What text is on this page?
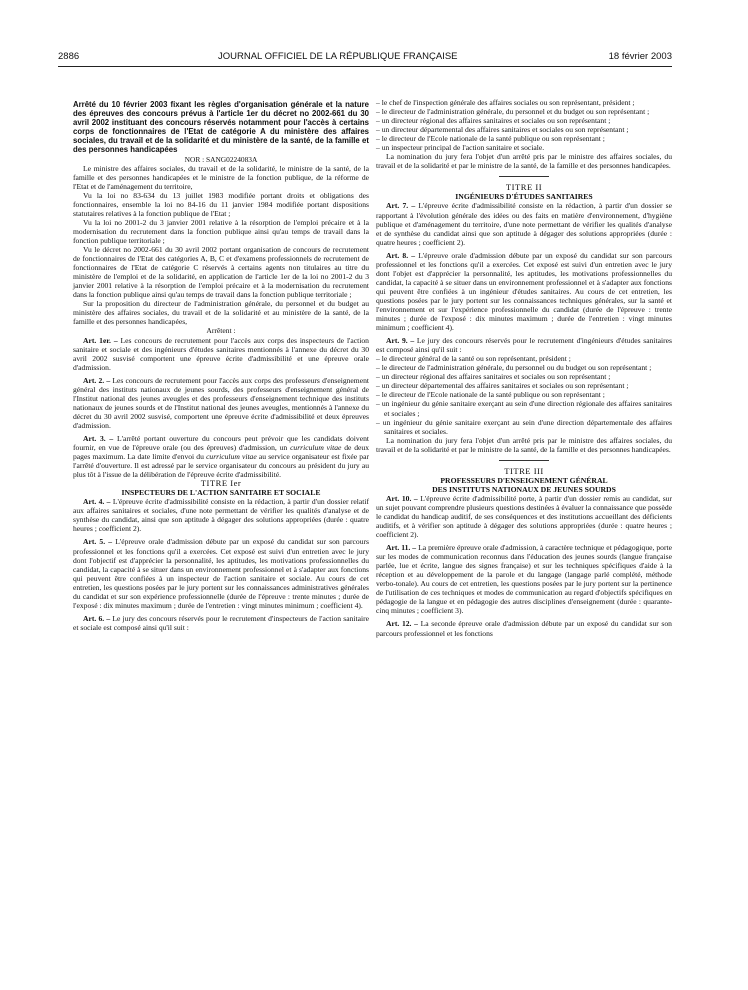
2886	JOURNAL OFFICIEL DE LA RÉPUBLIQUE FRANÇAISE	18 février 2003

Arrêté du 10 février 2003 fixant les règles d'organisation générale et la nature des épreuves des concours prévus à l'article 1er du décret no 2002-661 du 30 avril 2002 instituant des concours réservés notamment pour l'accès à certains corps de fonctionnaires de l'Etat de catégorie A du ministère des affaires sociales, du travail et de la solidarité et du ministère de la santé, de la famille et des personnes handicapées

NOR : SANG0224083A

Le ministre des affaires sociales, du travail et de la solidarité, le ministre de la santé, de la famille et des personnes handicapées et le ministre de la fonction publique, de la réforme de l'Etat et de l'aménagement du territoire,

Vu la loi no 83-634 du 13 juillet 1983 modifiée portant droits et obligations des fonctionnaires, ensemble la loi no 84-16 du 11 janvier 1984 modifiée portant dispositions statutaires relatives à la fonction publique de l'Etat ;

Vu la loi no 2001-2 du 3 janvier 2001 relative à la résorption de l'emploi précaire et à la modernisation du recrutement dans la fonction publique ainsi qu'au temps de travail dans la fonction publique territoriale ;

Vu le décret no 2002-661 du 30 avril 2002 portant organisation de concours de recrutement de fonctionnaires de l'Etat des catégories A, B, C et d'examens professionnels de recrutement de fonctionnaires de l'Etat de catégorie C réservés à certains agents non titulaires au titre du ministère de l'emploi et de la solidarité, en application de l'article 1er de la loi no 2001-2 du 3 janvier 2001 relative à la résorption de l'emploi précaire et à la modernisation du recrutement dans la fonction publique ainsi qu'au temps de travail dans la fonction publique territoriale ;

Sur la proposition du directeur de l'administration générale, du personnel et du budget au ministère des affaires sociales, du travail et de la solidarité et au ministère de la santé, de la famille et des personnes handicapées,

Arrêtent :

Art. 1er. – Les concours de recrutement pour l'accès aux corps des inspecteurs de l'action sanitaire et sociale et des ingénieurs d'études sanitaires mentionnés à l'annexe du décret du 30 avril 2002 susvisé comportent une épreuve écrite d'admissibilité et une épreuve orale d'admission.

Art. 2. – Les concours de recrutement pour l'accès aux corps des professeurs d'enseignement général des instituts nationaux de jeunes sourds, des professeurs d'enseignement général de l'Institut national des jeunes aveugles et des professeurs d'enseignement technique des instituts nationaux de jeunes sourds et de l'Institut national des jeunes aveugles, mentionnés à l'annexe du décret du 30 avril 2002 susvisé, comportent une épreuve écrite d'admissibilité et deux épreuves d'admission.

Art. 3. – L'arrêté portant ouverture du concours peut prévoir que les candidats doivent fournir, en vue de l'épreuve orale (ou des épreuves) d'admission, un curriculum vitae de deux pages maximum. La date limite d'envoi du curriculum vitae au service organisateur est fixée par l'arrêté d'ouverture. Il est adressé par le service organisateur du concours au président du jury au plus tôt à l'issue de la délibération de l'épreuve écrite d'admissibilité.

TITRE Ier

INSPECTEURS DE L'ACTION SANITAIRE ET SOCIALE

Art. 4. – L'épreuve écrite d'admissibilité consiste en la rédaction, à partir d'un dossier relatif aux affaires sanitaires et sociales, d'une note permettant de vérifier les qualités d'analyse et de synthèse du candidat, ainsi que son aptitude à dégager des solutions appropriées (durée : quatre heures ; coefficient 2).

Art. 5. – L'épreuve orale d'admission débute par un exposé du candidat sur son parcours professionnel et les fonctions qu'il a exercées. Cet exposé est suivi d'un entretien avec le jury dont l'objectif est d'apprécier la personnalité, les aptitudes, les motivations professionnelles du candidat, la capacité à se situer dans un environnement professionnel et à s'adapter aux fonctions qui peuvent être confiées à un inspecteur de l'action sanitaire et sociale. Au cours de cet entretien, les questions posées par le jury portent sur les connaissances administratives générales du candidat et sur son expérience professionnelle (durée de l'épreuve : trente minutes ; durée de l'exposé : dix minutes maximum ; durée de l'entretien : vingt minutes minimum ; coefficient 4).

Art. 6. – Le jury des concours réservés pour le recrutement d'inspecteurs de l'action sanitaire et sociale est composé ainsi qu'il suit :

– le chef de l'inspection générale des affaires sociales ou son représentant, président ;
– le directeur de l'administration générale, du personnel et du budget ou son représentant ;
– un directeur régional des affaires sanitaires et sociales ou son représentant ;
– un directeur départemental des affaires sanitaires et sociales ou son représentant ;
– le directeur de l'Ecole nationale de la santé publique ou son représentant ;
– un inspecteur principal de l'action sanitaire et sociale.

La nomination du jury fera l'objet d'un arrêté pris par le ministre des affaires sociales, du travail et de la solidarité et par le ministre de la santé, de la famille et des personnes handicapées.

TITRE II

INGÉNIEURS D'ÉTUDES SANITAIRES

Art. 7. – L'épreuve écrite d'admissibilité consiste en la rédaction, à partir d'un dossier se rapportant à l'évolution générale des idées ou des faits en matière d'environnement, d'hygiène publique et d'aménagement du territoire, d'une note permettant de vérifier les qualités d'analyse et de synthèse du candidat ainsi que son aptitude à dégager des solutions appropriées (durée : quatre heures ; coefficient 2).

Art. 8. – L'épreuve orale d'admission débute par un exposé du candidat sur son parcours professionnel et les fonctions qu'il a exercées. Cet exposé est suivi d'un entretien avec le jury dont l'objet est d'apprécier la personnalité, les aptitudes, les motivations professionnelles du candidat, la capacité à se situer dans un environnement professionnel et à s'adapter aux fonctions qui peuvent être confiées à un ingénieur d'études sanitaires. Au cours de cet entretien, les questions posées par le jury portent sur les connaissances techniques générales, sur la santé et l'environnement et sur l'expérience professionnelle du candidat (durée de l'épreuve : trente minutes ; durée de l'exposé : dix minutes maximum ; durée de l'entretien : vingt minutes minimum ; coefficient 4).

Art. 9. – Le jury des concours réservés pour le recrutement d'ingénieurs d'études sanitaires est composé ainsi qu'il suit :

– le directeur général de la santé ou son représentant, président ;
– le directeur de l'administration générale, du personnel ou du budget ou son représentant ;
– un directeur régional des affaires sanitaires et sociales ou son représentant ;
– un directeur départemental des affaires sanitaires et sociales ou son représentant ;
– le directeur de l'Ecole nationale de la santé publique ou son représentant ;
– un ingénieur du génie sanitaire exerçant au sein d'une direction régionale des affaires sanitaires et sociales ;
– un ingénieur du génie sanitaire exerçant au sein d'une direction départementale des affaires sanitaires et sociales.

La nomination du jury fera l'objet d'un arrêté pris par le ministre des affaires sociales, du travail et de la solidarité et par le ministre de la santé, de la famille et des personnes handicapées.

TITRE III

PROFESSEURS D'ENSEIGNEMENT GÉNÉRAL

DES INSTITUTS NATIONAUX DE JEUNES SOURDS

Art. 10. – L'épreuve écrite d'admissibilité porte, à partir d'un dossier remis au candidat, sur un sujet pouvant comprendre plusieurs questions destinées à évaluer la connaissance que possède le candidat du handicap auditif, de ses conséquences et des institutions accueillant des déficients auditifs, et à vérifier son aptitude à dégager des solutions appropriées (durée : quatre heures ; coefficient 2).

Art. 11. – La première épreuve orale d'admission, à caractère technique et pédagogique, porte sur les modes de communication reconnus dans l'éducation des jeunes sourds (langue française parlée, lue et écrite, langue des signes française) et sur les techniques spécifiques d'aide à la réception et au développement de la parole et du langage (langage parlé complété, méthode verbo-tonale). Au cours de cet entretien, les questions posées par le jury portent sur la pertinence de l'utilisation de ces techniques et modes de communication au regard d'objectifs spécifiques en pédagogie de la langue et en pédagogie des autres disciplines d'enseignement (durée : quarante-cinq minutes ; coefficient 3).

Art. 12. – La seconde épreuve orale d'admission débute par un exposé du candidat sur son parcours professionnel et les fonctions
